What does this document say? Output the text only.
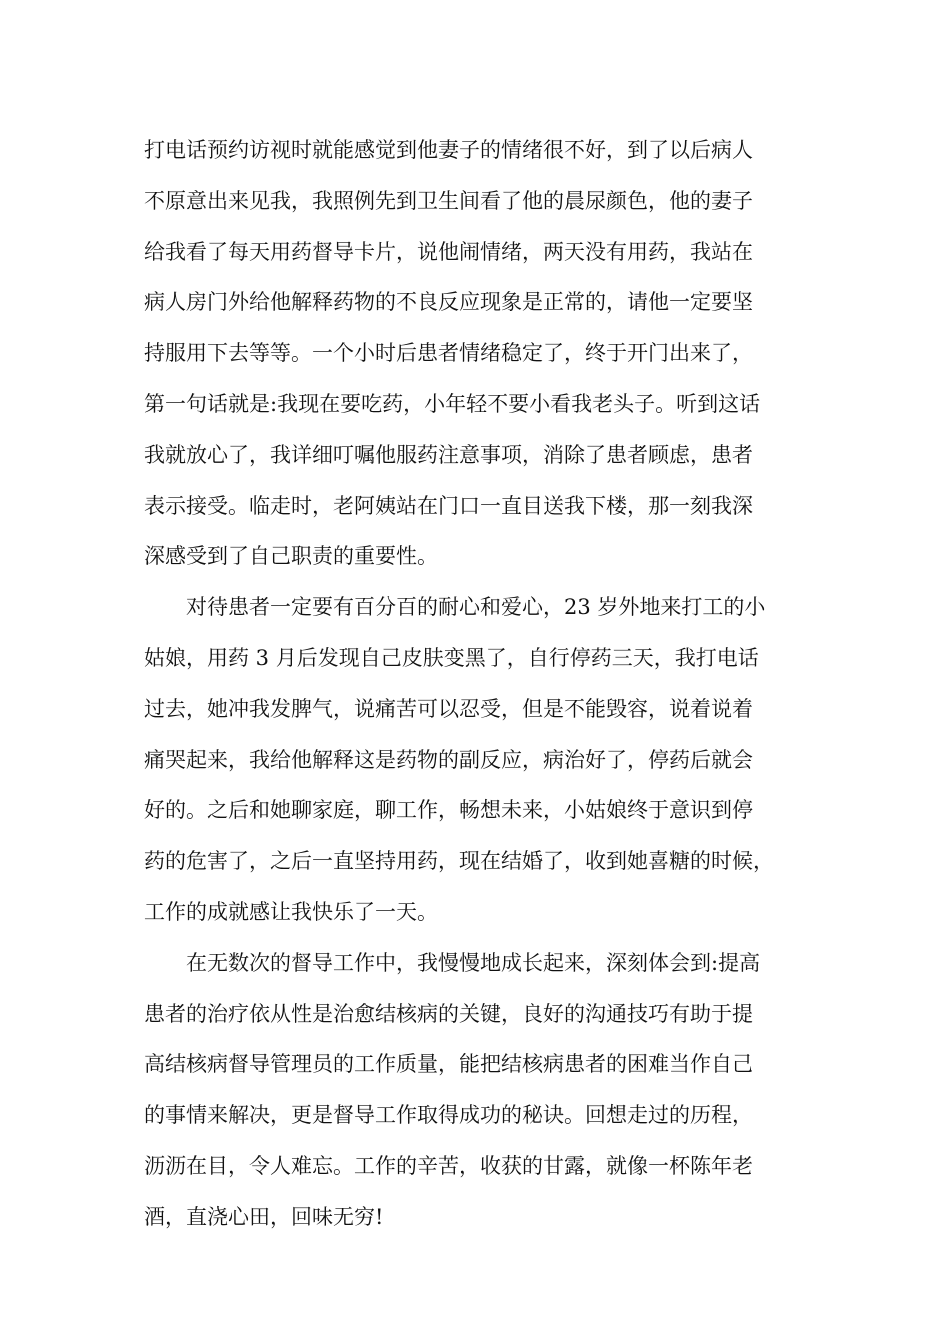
打电话预约访视时就能感觉到他妻子的情绪很不好，到了以后病人
不原意出来见我，我照例先到卫生间看了他的晨尿颜色，他的妻子
给我看了每天用药督导卡片，说他闹情绪，两天没有用药，我站在
病人房门外给他解释药物的不良反应现象是正常的，请他一定要坚
持服用下去等等。一个小时后患者情绪稳定了，终于开门出来了，
第一句话就是:我现在要吃药，小年轻不要小看我老头子。听到这话
我就放心了，我详细叮嘱他服药注意事项，消除了患者顾虑，患者
表示接受。临走时，老阿姨站在门口一直目送我下楼，那一刻我深
深感受到了自己职责的重要性。
对待患者一定要有百分百的耐心和爱心，23 岁外地来打工的小
姑娘，用药 3 月后发现自己皮肤变黑了，自行停药三天，我打电话
过去，她冲我发脾气，说痛苦可以忍受，但是不能毁容，说着说着
痛哭起来，我给他解释这是药物的副反应，病治好了，停药后就会
好的。之后和她聊家庭，聊工作，畅想未来，小姑娘终于意识到停
药的危害了，之后一直坚持用药，现在结婚了，收到她喜糖的时候，
工作的成就感让我快乐了一天。
在无数次的督导工作中，我慢慢地成长起来，深刻体会到:提高
患者的治疗依从性是治愈结核病的关键，良好的沟通技巧有助于提
高结核病督导管理员的工作质量，能把结核病患者的困难当作自己
的事情来解决，更是督导工作取得成功的秘诀。回想走过的历程，
沥沥在目，令人难忘。工作的辛苦，收获的甘露，就像一杯陈年老
酒，直浇心田，回味无穷!
